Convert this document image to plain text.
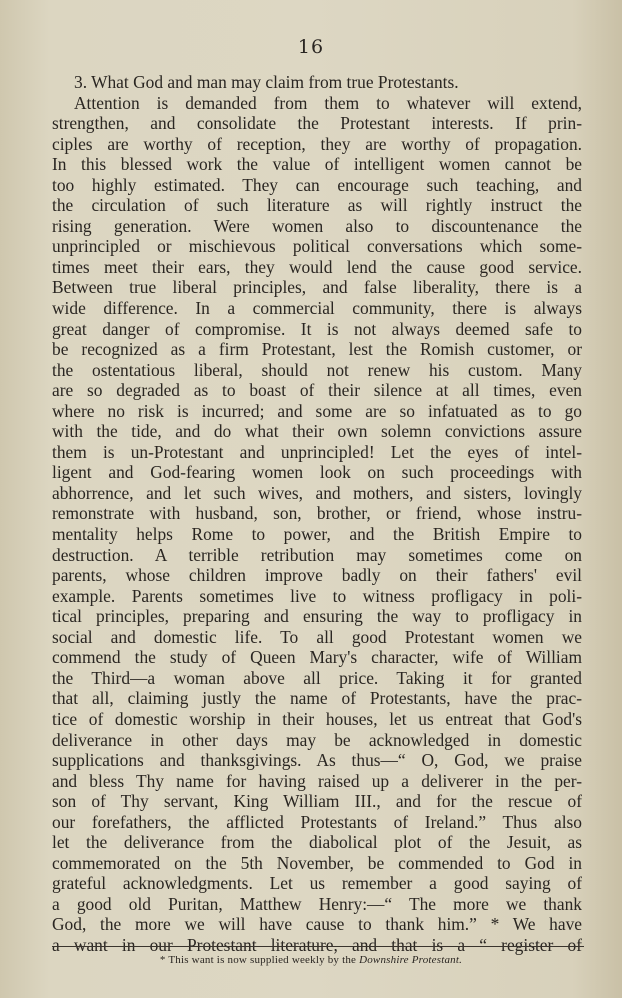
16
3. What God and man may claim from true Protestants.
Attention is demanded from them to whatever will extend,
strengthen, and consolidate the Protestant interests. If prin-
ciples are worthy of reception, they are worthy of propagation.
In this blessed work the value of intelligent women cannot be
too highly estimated. They can encourage such teaching, and
the circulation of such literature as will rightly instruct the
rising generation. Were women also to discountenance the
unprincipled or mischievous political conversations which some-
times meet their ears, they would lend the cause good service.
Between true liberal principles, and false liberality, there is a
wide difference. In a commercial community, there is always
great danger of compromise. It is not always deemed safe to
be recognized as a firm Protestant, lest the Romish customer, or
the ostentatious liberal, should not renew his custom. Many
are so degraded as to boast of their silence at all times, even
where no risk is incurred; and some are so infatuated as to go
with the tide, and do what their own solemn convictions assure
them is un-Protestant and unprincipled! Let the eyes of intel-
ligent and God-fearing women look on such proceedings with
abhorrence, and let such wives, and mothers, and sisters, lovingly
remonstrate with husband, son, brother, or friend, whose instru-
mentality helps Rome to power, and the British Empire to
destruction. A terrible retribution may sometimes come on
parents, whose children improve badly on their fathers' evil
example. Parents sometimes live to witness profligacy in poli-
tical principles, preparing and ensuring the way to profligacy in
social and domestic life. To all good Protestant women we
commend the study of Queen Mary's character, wife of William
the Third—a woman above all price. Taking it for granted
that all, claiming justly the name of Protestants, have the prac-
tice of domestic worship in their houses, let us entreat that God's
deliverance in other days may be acknowledged in domestic
supplications and thanksgivings. As thus—“ O, God, we praise
and bless Thy name for having raised up a deliverer in the per-
son of Thy servant, King William III., and for the rescue of
our forefathers, the afflicted Protestants of Ireland.” Thus also
let the deliverance from the diabolical plot of the Jesuit, as
commemorated on the 5th November, be commended to God in
grateful acknowledgments. Let us remember a good saying of
a good old Puritan, Matthew Henry:—“ The more we thank
God, the more we will have cause to thank him.” * We have
a want in our Protestant literature, and that is a “ register of
* This want is now supplied weekly by the Downshire Protestant.
